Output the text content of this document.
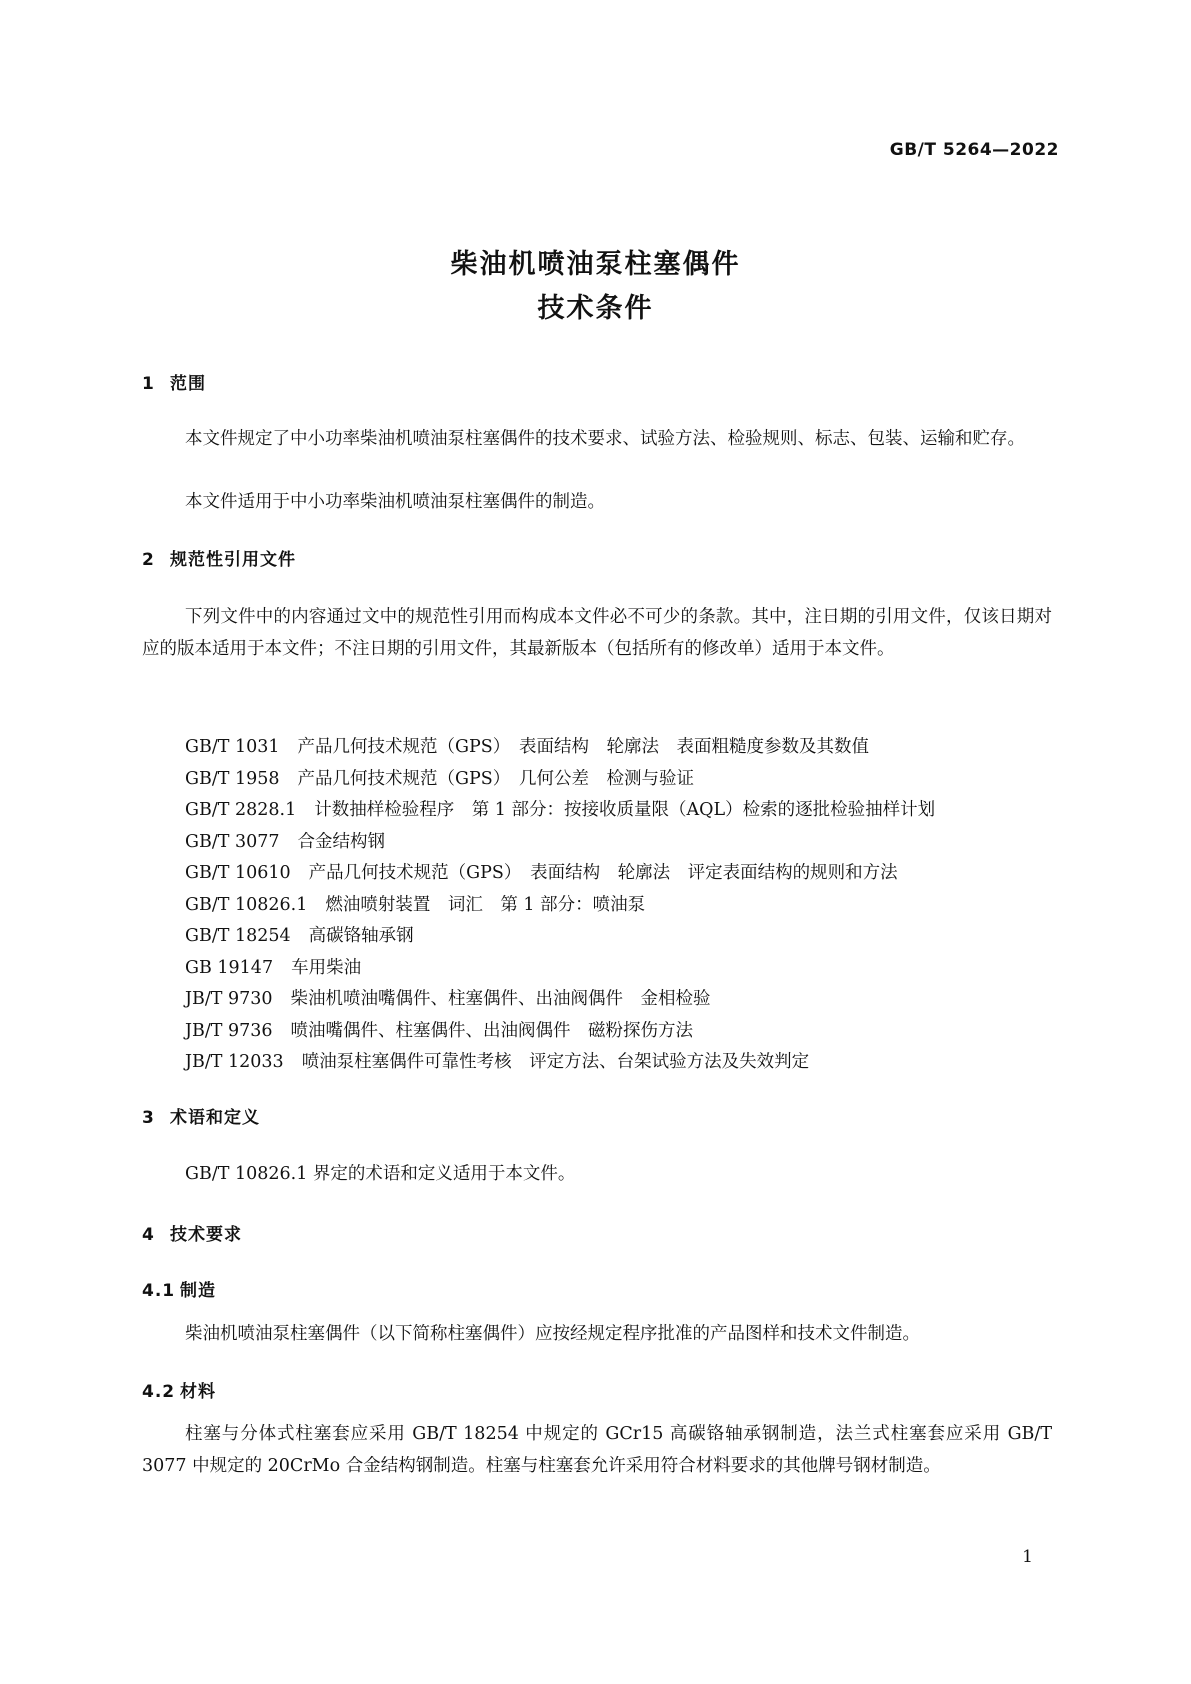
GB/T 5264—2022
柴油机喷油泵柱塞偶件
技术条件
1 范围

本文件规定了中小功率柴油机喷油泵柱塞偶件的技术要求、试验方法、检验规则、标志、包装、运输和贮存。

本文件适用于中小功率柴油机喷油泵柱塞偶件的制造。

2 规范性引用文件

下列文件中的内容通过文中的规范性引用而构成本文件必不可少的条款。其中，注日期的引用文件，仅该日期对应的版本适用于本文件；不注日期的引用文件，其最新版本（包括所有的修改单）适用于本文件。

GB/T 1031 产品几何技术规范（GPS）　表面结构　轮廓法　表面粗糙度参数及其数值
GB/T 1958 产品几何技术规范（GPS）　几何公差　检测与验证
GB/T 2828.1 计数抽样检验程序　第 1 部分：按接收质量限（AQL）检索的逐批检验抽样计划
GB/T 3077 合金结构钢
GB/T 10610 产品几何技术规范（GPS）　表面结构　轮廓法　评定表面结构的规则和方法
GB/T 10826.1 燃油喷射装置　词汇　第 1 部分：喷油泵
GB/T 18254 高碳铬轴承钢
GB 19147 车用柴油
JB/T 9730 柴油机喷油嘴偶件、柱塞偶件、出油阀偶件　金相检验
JB/T 9736 喷油嘴偶件、柱塞偶件、出油阀偶件　磁粉探伤方法
JB/T 12033 喷油泵柱塞偶件可靠性考核　评定方法、台架试验方法及失效判定
3 术语和定义

GB/T 10826.1 界定的术语和定义适用于本文件。

4 技术要求
4.1 制造

柴油机喷油泵柱塞偶件（以下简称柱塞偶件）应按经规定程序批准的产品图样和技术文件制造。

4.2 材料

柱塞与分体式柱塞套应采用 GB/T 18254 中规定的 GCr15 高碳铬轴承钢制造，法兰式柱塞套应采用 GB/T 3077 中规定的 20CrMo 合金结构钢制造。柱塞与柱塞套允许采用符合材料要求的其他牌号钢材制造。

1
